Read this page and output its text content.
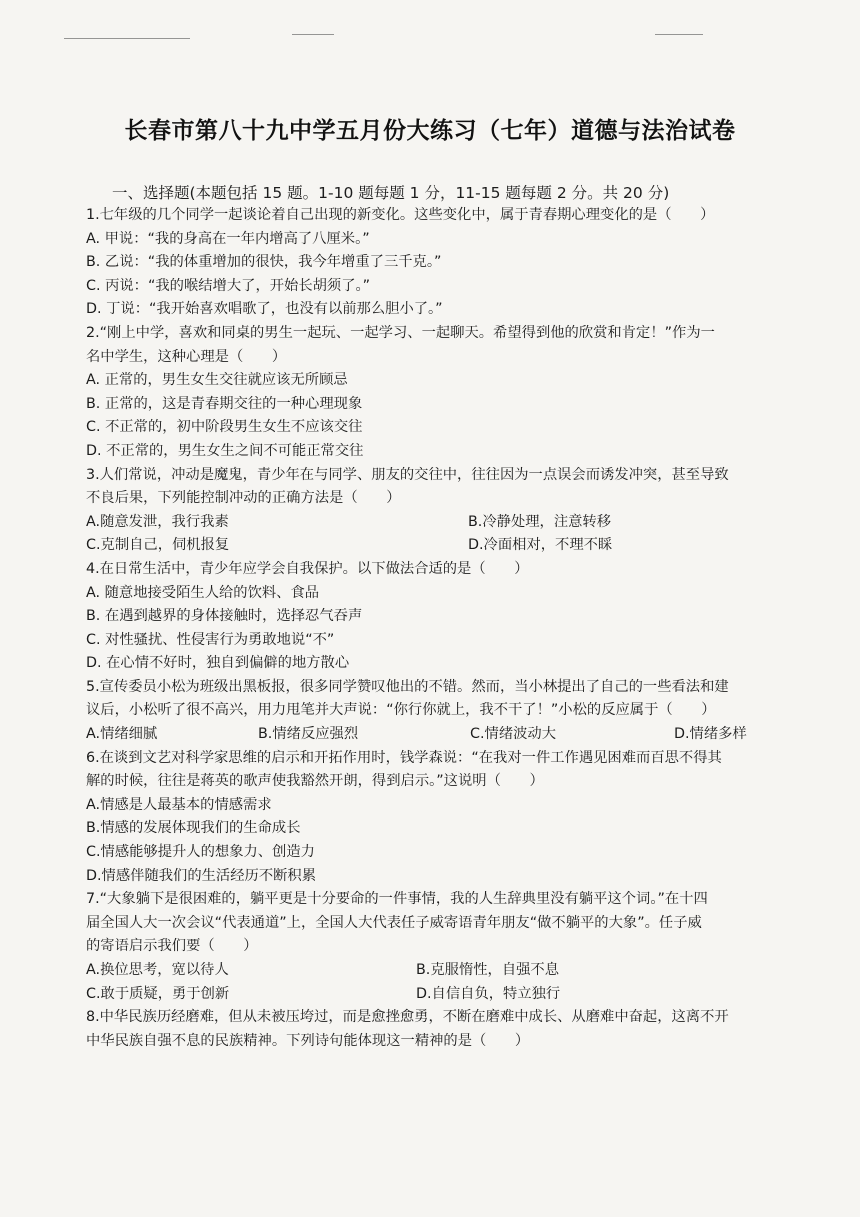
长春市第八十九中学五月份大练习（七年）道德与法治试卷
一、选择题(本题包括 15 题。1-10 题每题 1 分，11-15 题每题 2 分。共 20 分)
1.七年级的几个同学一起谈论着自己出现的新变化。这些变化中，属于青春期心理变化的是（　　）
A. 甲说：“我的身高在一年内增高了八厘米。”
B. 乙说：“我的体重增加的很快，我今年增重了三千克。”
C. 丙说：“我的喉结增大了，开始长胡须了。”
D. 丁说：“我开始喜欢唱歌了，也没有以前那么胆小了。”
2.“刚上中学，喜欢和同桌的男生一起玩、一起学习、一起聊天。希望得到他的欣赏和肯定！”作为一
名中学生，这种心理是（　　）
A. 正常的，男生女生交往就应该无所顾忌
B. 正常的，这是青春期交往的一种心理现象
C. 不正常的，初中阶段男生女生不应该交往
D. 不正常的，男生女生之间不可能正常交往
3.人们常说，冲动是魔鬼，青少年在与同学、朋友的交往中，往往因为一点误会而诱发冲突，甚至导致
不良后果，下列能控制冲动的正确方法是（　　）
A.随意发泄，我行我素	B.冷静处理，注意转移
C.克制自己，伺机报复	D.冷面相对，不理不睬
4.在日常生活中，青少年应学会自我保护。以下做法合适的是（　　）
A. 随意地接受陌生人给的饮料、食品
B. 在遇到越界的身体接触时，选择忍气吞声
C. 对性骚扰、性侵害行为勇敢地说“不”
D. 在心情不好时，独自到偏僻的地方散心
5.宣传委员小松为班级出黑板报，很多同学赞叹他出的不错。然而，当小林提出了自己的一些看法和建
议后，小松听了很不高兴，用力甩笔并大声说：“你行你就上，我不干了！”小松的反应属于（　　）
A.情绪细腻	B.情绪反应强烈	C.情绪波动大	D.情绪多样
6.在谈到文艺对科学家思维的启示和开拓作用时，钱学森说：“在我对一件工作遇见困难而百思不得其
解的时候，往往是蒋英的歌声使我豁然开朗，得到启示。”这说明（　　）
A.情感是人最基本的情感需求
B.情感的发展体现我们的生命成长
C.情感能够提升人的想象力、创造力
D.情感伴随我们的生活经历不断积累
7.“大象躺下是很困难的，躺平更是十分要命的一件事情，我的人生辞典里没有躺平这个词。”在十四
届全国人大一次会议“代表通道”上，全国人大代表任子威寄语青年朋友“做不躺平的大象”。任子威
的寄语启示我们要（　　）
A.换位思考，宽以待人	B.克服惰性，自强不息
C.敢于质疑，勇于创新	D.自信自负，特立独行
8.中华民族历经磨难，但从未被压垮过，而是愈挫愈勇，不断在磨难中成长、从磨难中奋起，这离不开
中华民族自强不息的民族精神。下列诗句能体现这一精神的是（　　）
